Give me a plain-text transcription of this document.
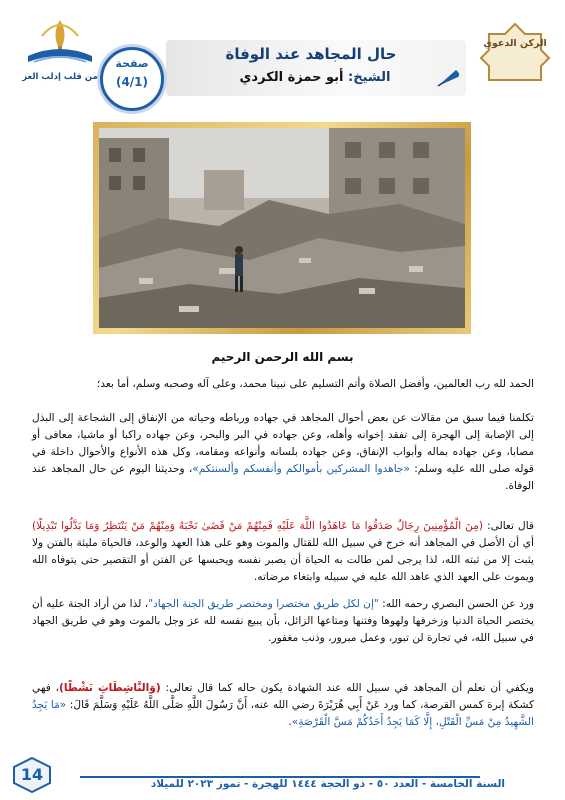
من قلب إدلب العز
الركن الدعوي
حال المجاهد عند الوفاة
الشيخ: أبو حمزة الكردي
صفحة
(4/1)
بسم الله الرحمن الرحيم
الحمد لله رب العالمين، وأفضل الصلاة وأتم التسليم على نبينا محمد، وعلى آله وصحبه وسلم، أما بعد؛
تكلمنا فيما سبق من مقالات عن بعض أحوال المجاهد في جهاده ورباطه وحياته من الإنفاق إلى الشجاعة إلى البذل إلى الإصابة إلى الهجرة إلى تفقد إخوانه وأهله، وعن جهاده في البر والبحر، وعن جهاده راكبا أو ماشيا، معافى أو مصابا، وعن جهاده بماله وأبواب الإنفاق، وعن جهاده بلسانه وأنواعه ومقامه، وكل هذه الأنواع والأحوال داخلة في قوله صلى الله عليه وسلم: «جاهدوا المشركين بأموالكم وأنفسكم وألسنتكم»، وحديثنا اليوم عن حال المجاهد عند الوفاة.
قال تعالى: (مِنَ الْمُؤْمِنِينَ رِجَالٌ صَدَقُوا مَا عَاهَدُوا اللَّهَ عَلَيْهِ فَمِنْهُمْ مَنْ قَضَىٰ نَحْبَهُ وَمِنْهُمْ مَنْ يَنْتَظِرُ وَمَا بَدَّلُوا تَبْدِيلًا) أي أن الأصل في المجاهد أنه خرج في سبيل الله للقتال والموت وهو على هذا العهد والوعد، فالحياة مليئة بالفتن ولا يثبت إلا من ثبته الله، لذا يرجى لمن طالت به الحياة أن يصبر نفسه ويحبسها عن الفتن أو التقصير حتى يتوفاه الله ويموت على العهد الذي عاهد الله عليه في سبيله وابتغاء مرضاته.
ورد عن الحسن البصري رحمه الله: "إن لكل طريق مختصرا ومختصر طريق الجنة الجهاد"، لذا من أراد الجنة عليه أن يختصر الحياة الدنيا وزخرفها ولهوها وفتنها ومتاعها الزائل، بأن يبيع نفسه لله عز وجل بالموت وهو في طريق الجهاد في سبيل الله، في تجارة لن تبور، وعمل مبرور، وذنب مغفور.
ويكفي أن نعلم أن المجاهد في سبيل الله عند الشهادة يكون حاله كما قال تعالى: (وَالنَّاشِطَاتِ نَشْطًا)، فهي كشكة إبرة كمس القرصة، كما ورد عَنْ أَبِي هُرَيْرَةَ رضي الله عنه، أَنَّ رَسُولَ اللَّهِ صَلَّى اللَّهُ عَلَيْهِ وَسَلَّمَ قَالَ: «مَا يَجِدُ الشَّهِيدُ مِنْ مَسِّ الْقَتْلِ، إِلَّا كَمَا يَجِدُ أَحَدُكُمْ مَسَّ الْقَرْصَةِ».
السنة الخامسة - العدد ٥٠ - ذو الحجة ١٤٤٤ للهجرة - تموز ٢٠٢٣ للميلاد
14
